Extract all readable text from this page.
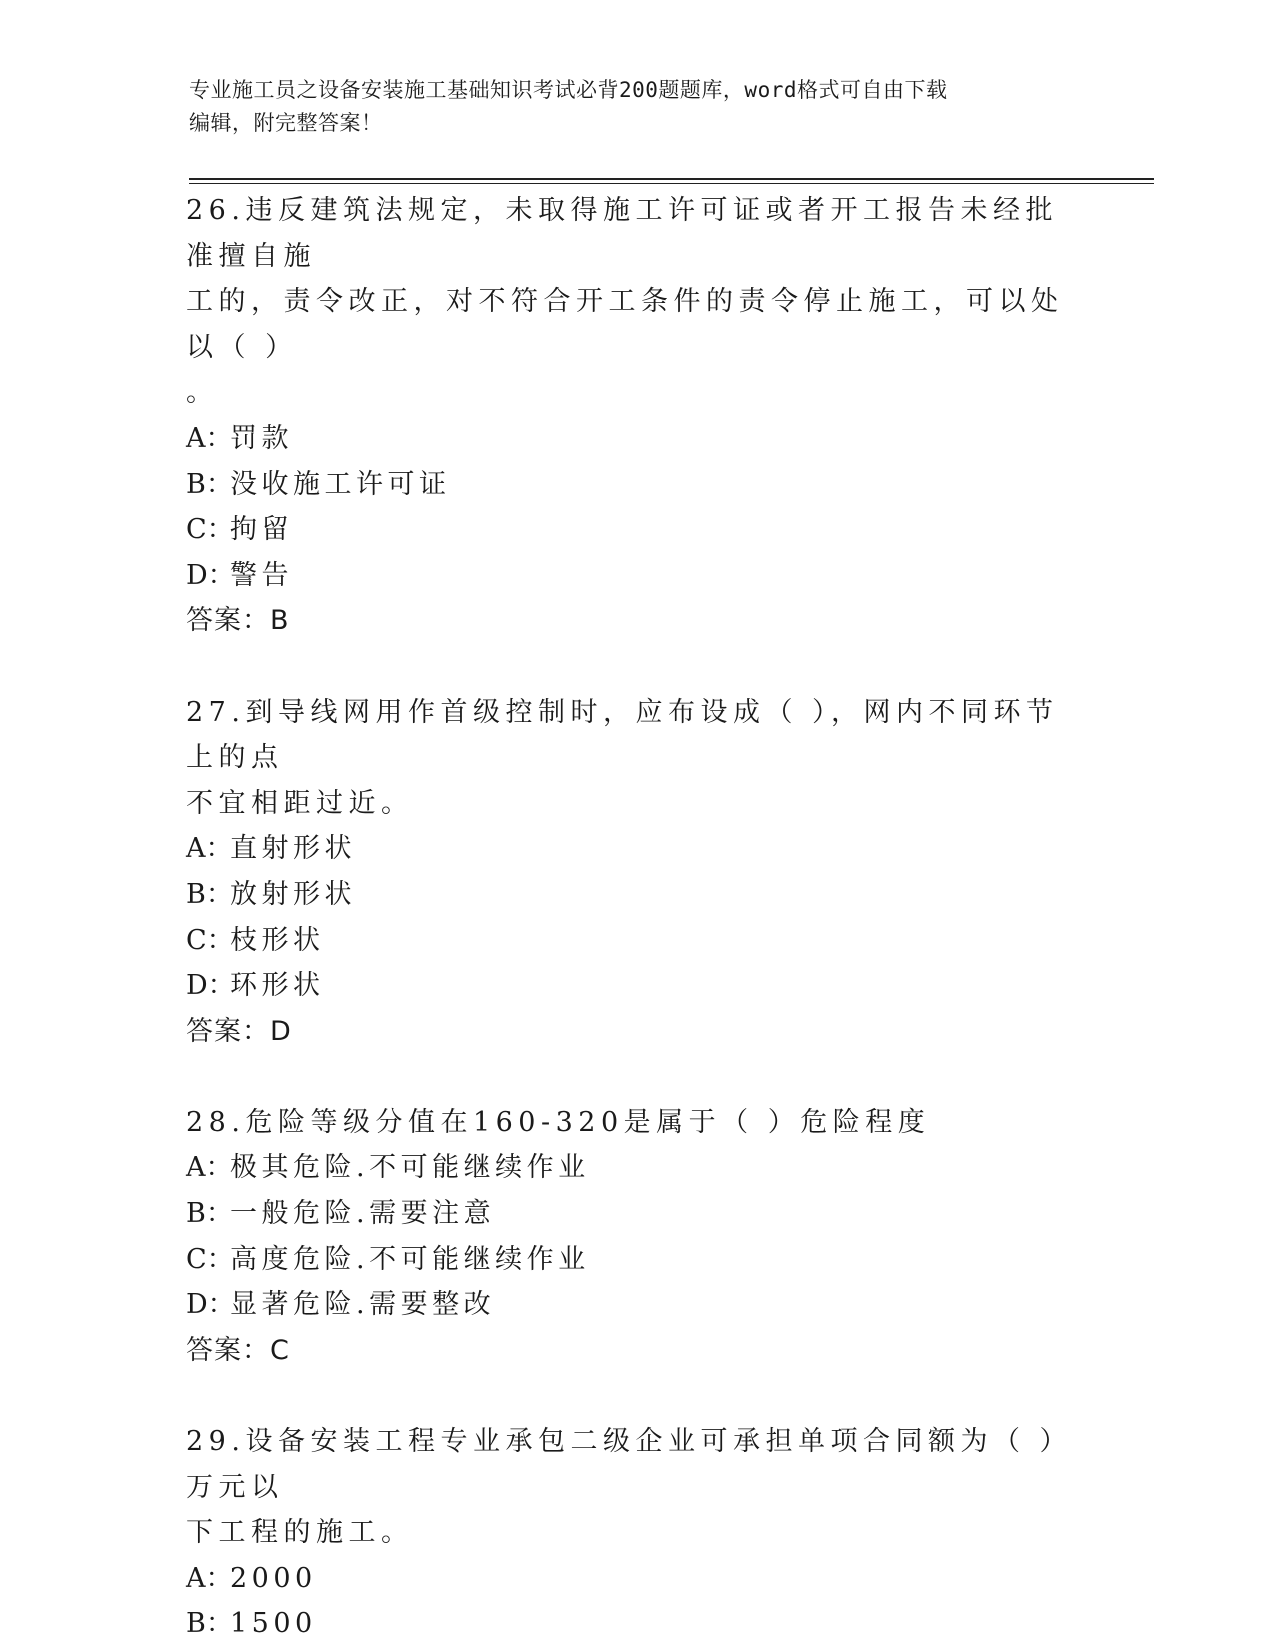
专业施工员之设备安装施工基础知识考试必背200题题库，word格式可自由下载
编辑，附完整答案！
26.违反建筑法规定，未取得施工许可证或者开工报告未经批准擅自施
工的，责令改正，对不符合开工条件的责令停止施工，可以处以（ ）
。
A：罚款
B：没收施工许可证
C：拘留
D：警告
答案：B
27.到导线网用作首级控制时，应布设成（ ），网内不同环节上的点
不宜相距过近。
A：直射形状
B：放射形状
C：枝形状
D：环形状
答案：D
28.危险等级分值在160-320是属于（ ）危险程度
A：极其危险.不可能继续作业
B：一般危险.需要注意
C：高度危险.不可能继续作业
D：显著危险.需要整改
答案：C
29.设备安装工程专业承包二级企业可承担单项合同额为（ ）万元以
下工程的施工。
A：2000
B：1500
